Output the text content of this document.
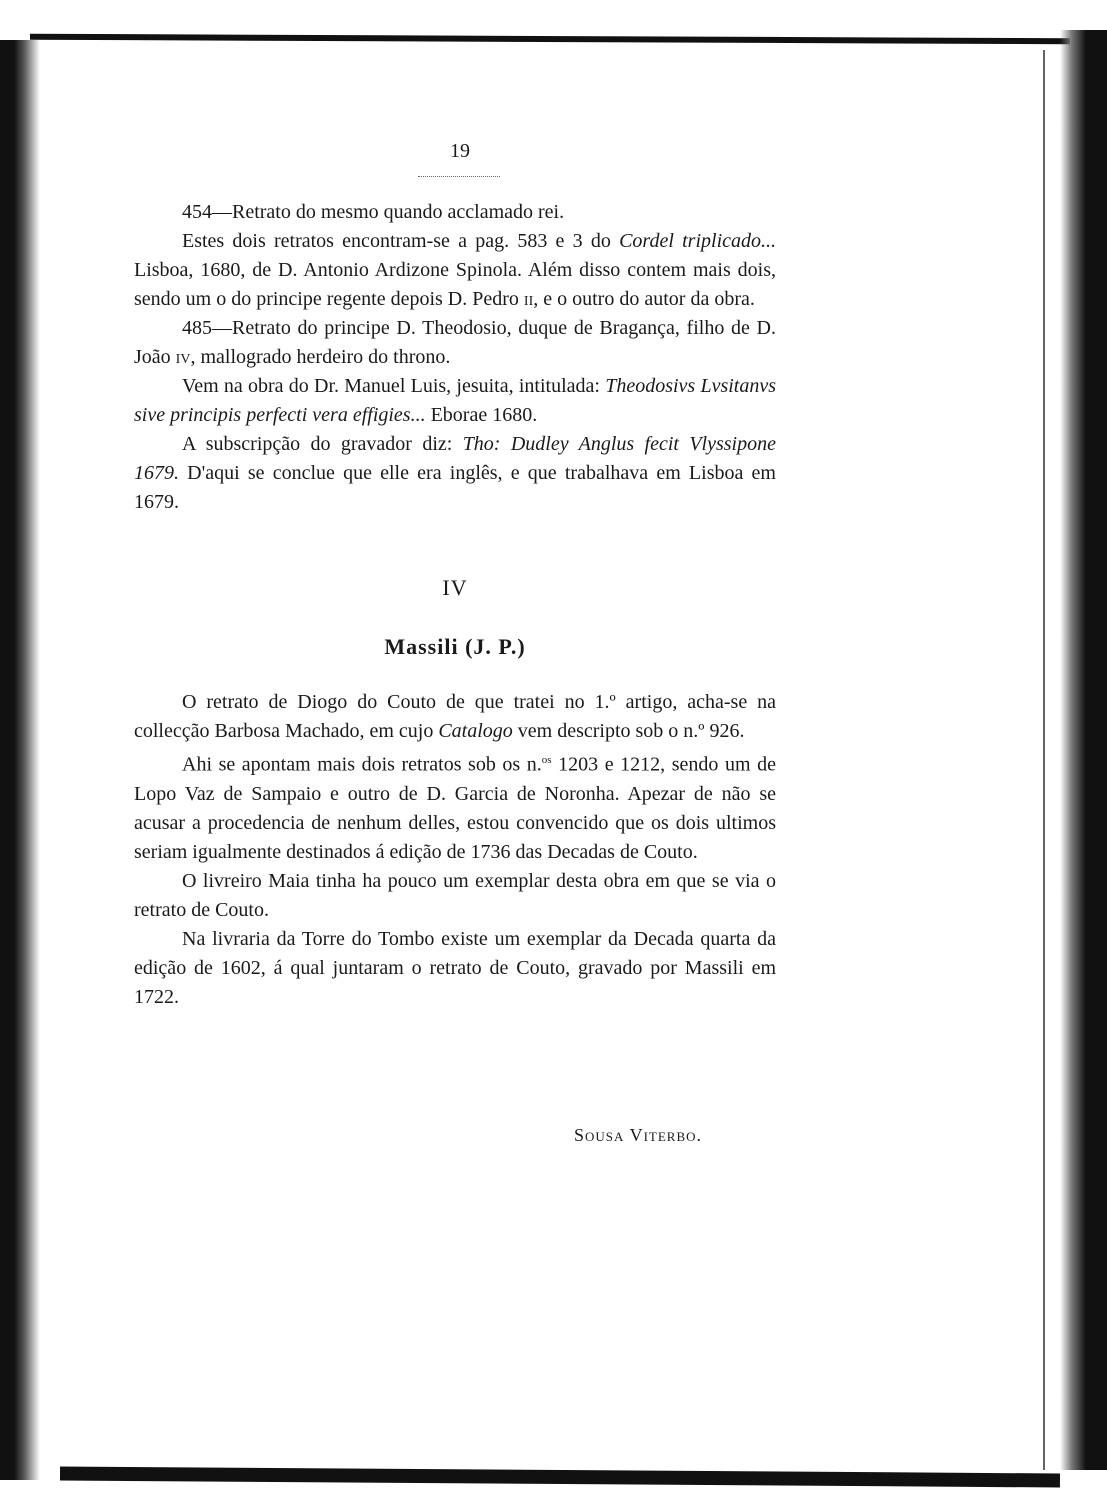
19

454—Retrato do mesmo quando acclamado rei.

Estes dois retratos encontram-se a pag. 583 e 3 do Cordel triplicado... Lisboa, 1680, de D. Antonio Ardizone Spinola. Além disso contem mais dois, sendo um o do principe regente depois D. Pedro ii, e o outro do autor da obra.

485—Retrato do principe D. Theodosio, duque de Bragança, filho de D. João iv, mallogrado herdeiro do throno.

Vem na obra do Dr. Manuel Luis, jesuita, intitulada: Theodosivs Lvsitanvs sive principis perfecti vera effigies... Eborae 1680.

A subscripção do gravador diz: Tho: Dudley Anglus fecit Vlyssipone 1679. D'aqui se conclue que elle era inglês, e que trabalhava em Lisboa em 1679.

IV
Massili (J. P.)

O retrato de Diogo do Couto de que tratei no 1.º artigo, acha-se na collecção Barbosa Machado, em cujo Catalogo vem descripto sob o n.º 926.

Ahi se apontam mais dois retratos sob os n.$^{os}$ 1203 e 1212, sendo um de Lopo Vaz de Sampaio e outro de D. Garcia de Noronha. Apezar de não se acusar a procedencia de nenhum delles, estou convencido que os dois ultimos seriam igualmente destinados á edição de 1736 das Decadas de Couto.

O livreiro Maia tinha ha pouco um exemplar desta obra em que se via o retrato de Couto.

Na livraria da Torre do Tombo existe um exemplar da Decada quarta da edição de 1602, á qual juntaram o retrato de Couto, gravado por Massili em 1722.

Sousa Viterbo.
